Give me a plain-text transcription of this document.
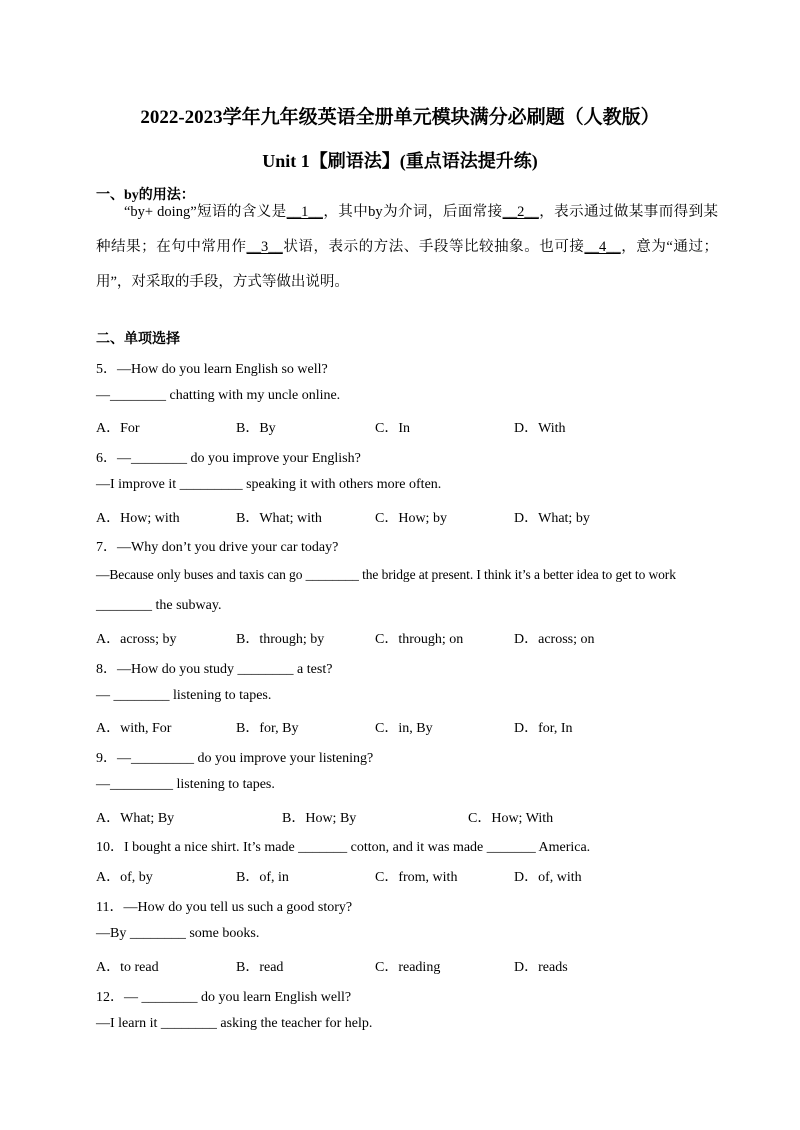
2022-2023学年九年级英语全册单元模块满分必刷题（人教版）
Unit 1【刷语法】(重点语法提升练)
一、by的用法：
“by+ doing”短语的含义是__1__，其中by为介词，后面常接__2__，表示通过做某事而得到某种结果；在句中常用作__3__状语，表示的方法、手段等比较抽象。也可接__4__，意为“通过；用”，对采取的手段，方式等做出说明。
二、单项选择
5．—How do you learn English so well?
—________ chatting with my uncle online.
A．For	B．By	C．In	D．With
6．—________ do you improve your English?
—I improve it _________ speaking it with others more often.
A．How; with	B．What; with	C．How; by	D．What; by
7．—Why don’t you drive your car today?
—Because only buses and taxis can go ________ the bridge at present. I think it’s a better idea to get to work
________ the subway.
A．across; by	B．through; by	C．through; on	D．across; on
8．—How do you study ________ a test?
— ________ listening to tapes.
A．with, For	B．for, By	C．in, By	D．for, In
9．—_________ do you improve your listening?
—_________ listening to tapes.
A．What; By	B．How; By	C．How; With
10．I bought a nice shirt. It’s made _______ cotton, and it was made _______ America.
A．of, by	B．of, in	C．from, with	D．of, with
11．—How do you tell us such a good story?
—By ________ some books.
A．to read	B．read	C．reading	D．reads
12．— ________ do you learn English well?
—I learn it ________ asking the teacher for help.
